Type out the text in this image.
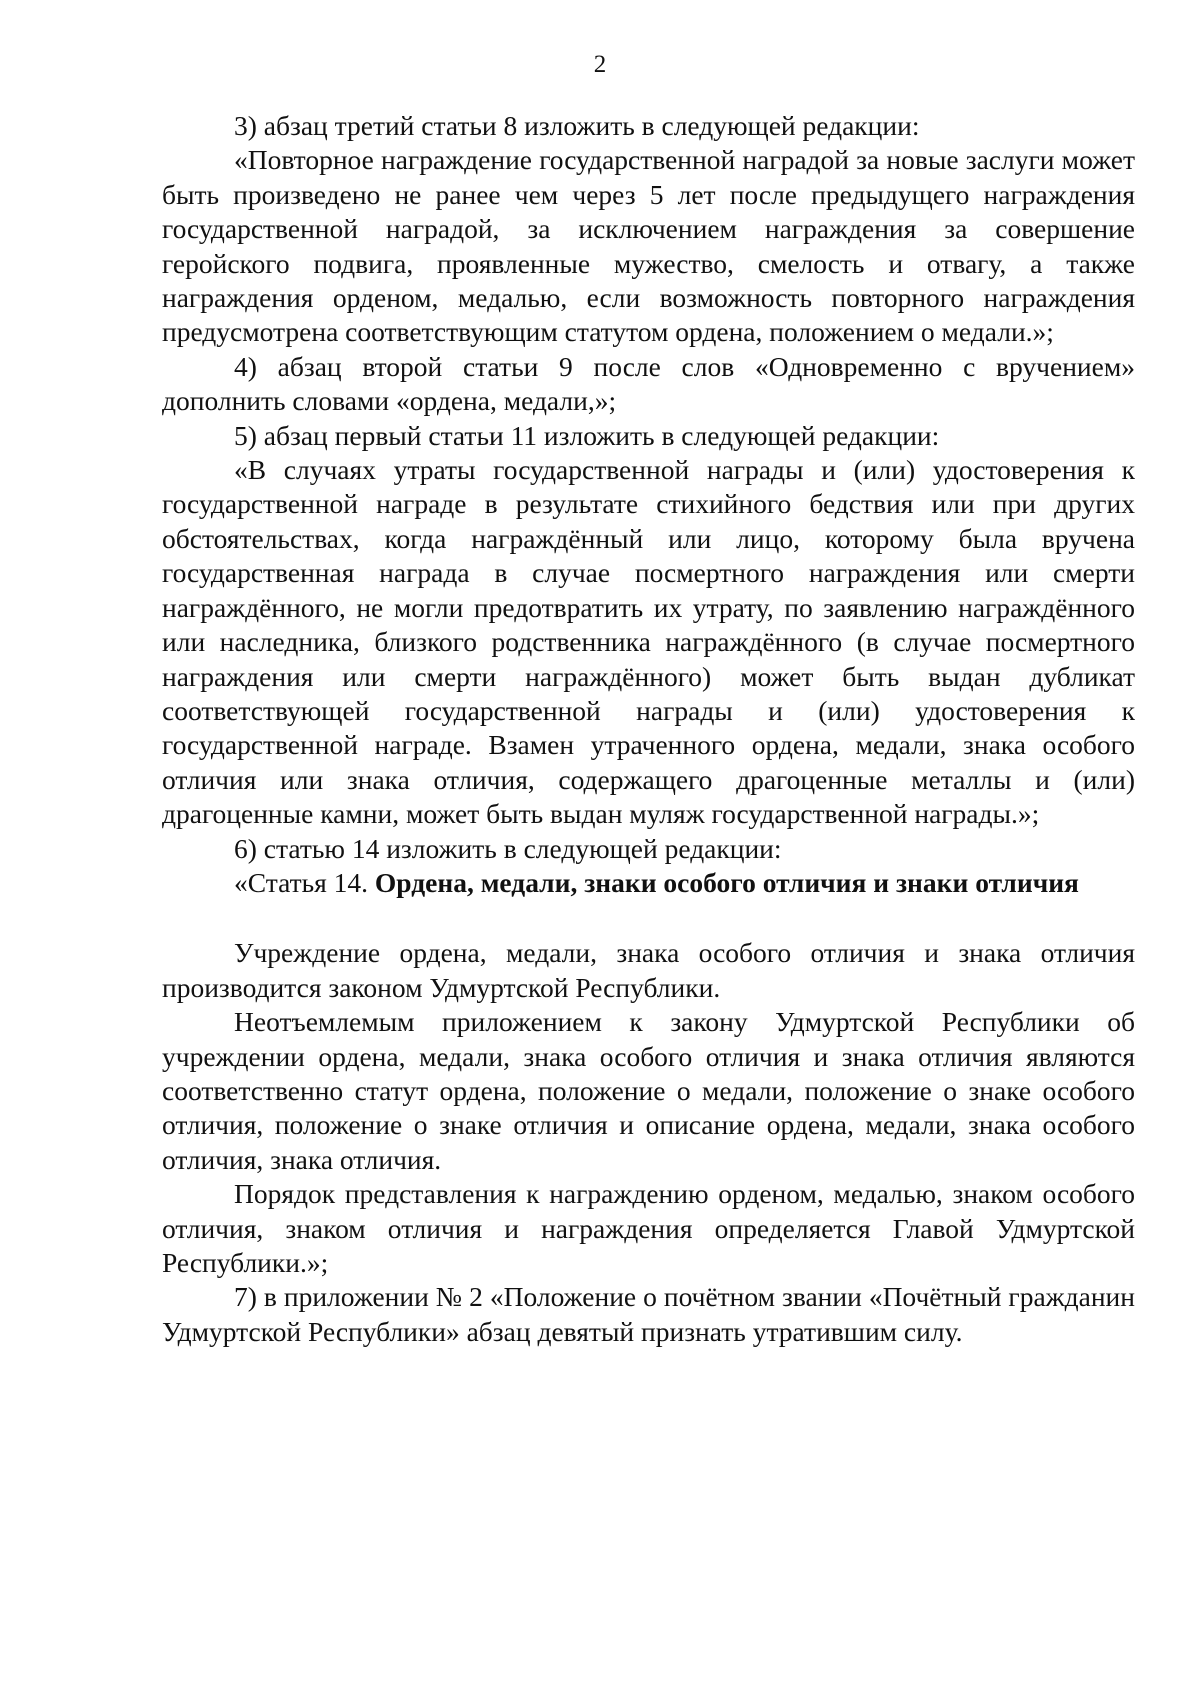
2

3) абзац третий статьи 8 изложить в следующей редакции:

«Повторное награждение государственной наградой за новые заслуги может быть произведено не ранее чем через 5 лет после предыдущего награждения государственной наградой, за исключением награждения за совершение геройского подвига, проявленные мужество, смелость и отвагу, а также награждения орденом, медалью, если возможность повторного награждения предусмотрена соответствующим статутом ордена, положением о медали.»;

4) абзац второй статьи 9 после слов «Одновременно с вручением» дополнить словами «ордена, медали,»;

5) абзац первый статьи 11 изложить в следующей редакции:

«В случаях утраты государственной награды и (или) удостоверения к государственной награде в результате стихийного бедствия или при других обстоятельствах, когда награждённый или лицо, которому была вручена государственная награда в случае посмертного награждения или смерти награждённого, не могли предотвратить их утрату, по заявлению награждённого или наследника, близкого родственника награждённого (в случае посмертного награждения или смерти награждённого) может быть выдан дубликат соответствующей государственной награды и (или) удостоверения к государственной награде. Взамен утраченного ордена, медали, знака особого отличия или знака отличия, содержащего драгоценные металлы и (или) драгоценные камни, может быть выдан муляж государственной награды.»;

6) статью 14 изложить в следующей редакции:

«Статья 14. Ордена, медали, знаки особого отличия и знаки отличия

Учреждение ордена, медали, знака особого отличия и знака отличия производится законом Удмуртской Республики.

Неотъемлемым приложением к закону Удмуртской Республики об учреждении ордена, медали, знака особого отличия и знака отличия являются соответственно статут ордена, положение о медали, положение о знаке особого отличия, положение о знаке отличия и описание ордена, медали, знака особого отличия, знака отличия.

Порядок представления к награждению орденом, медалью, знаком особого отличия, знаком отличия и награждения определяется Главой Удмуртской Республики.»;

7) в приложении № 2 «Положение о почётном звании «Почётный гражданин Удмуртской Республики» абзац девятый признать утратившим силу.
